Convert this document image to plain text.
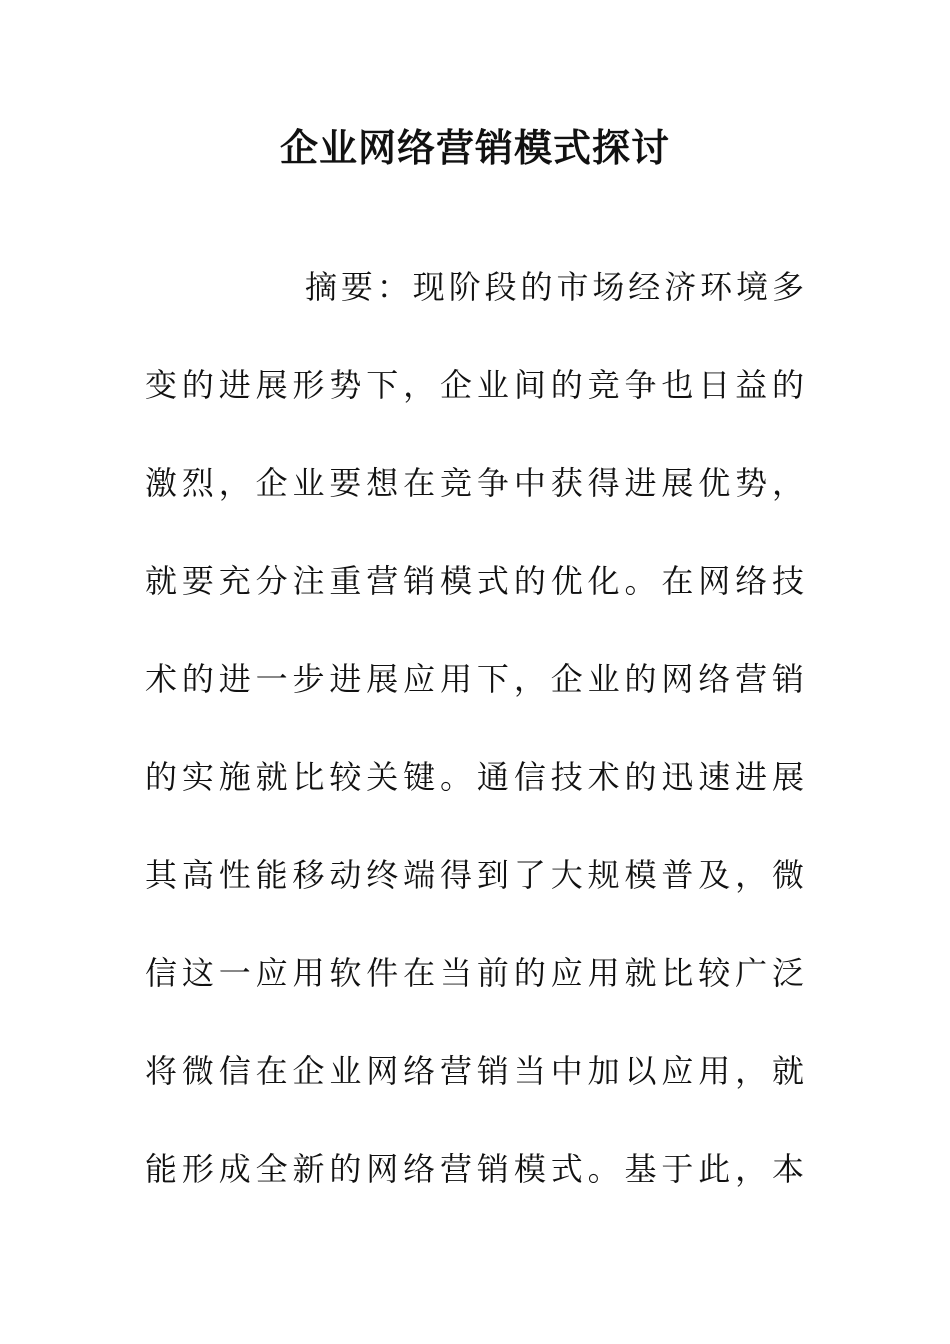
企业网络营销模式探讨
摘要：现阶段的市场经济环境多
变的进展形势下，企业间的竞争也日益的
激烈，企业要想在竞争中获得进展优势，
就要充分注重营销模式的优化。在网络技
术的进一步进展应用下，企业的网络营销
的实施就比较关键。通信技术的迅速进展
其高性能移动终端得到了大规模普及，微
信这一应用软件在当前的应用就比较广泛
将微信在企业网络营销当中加以应用，就
能形成全新的网络营销模式。基于此，本
